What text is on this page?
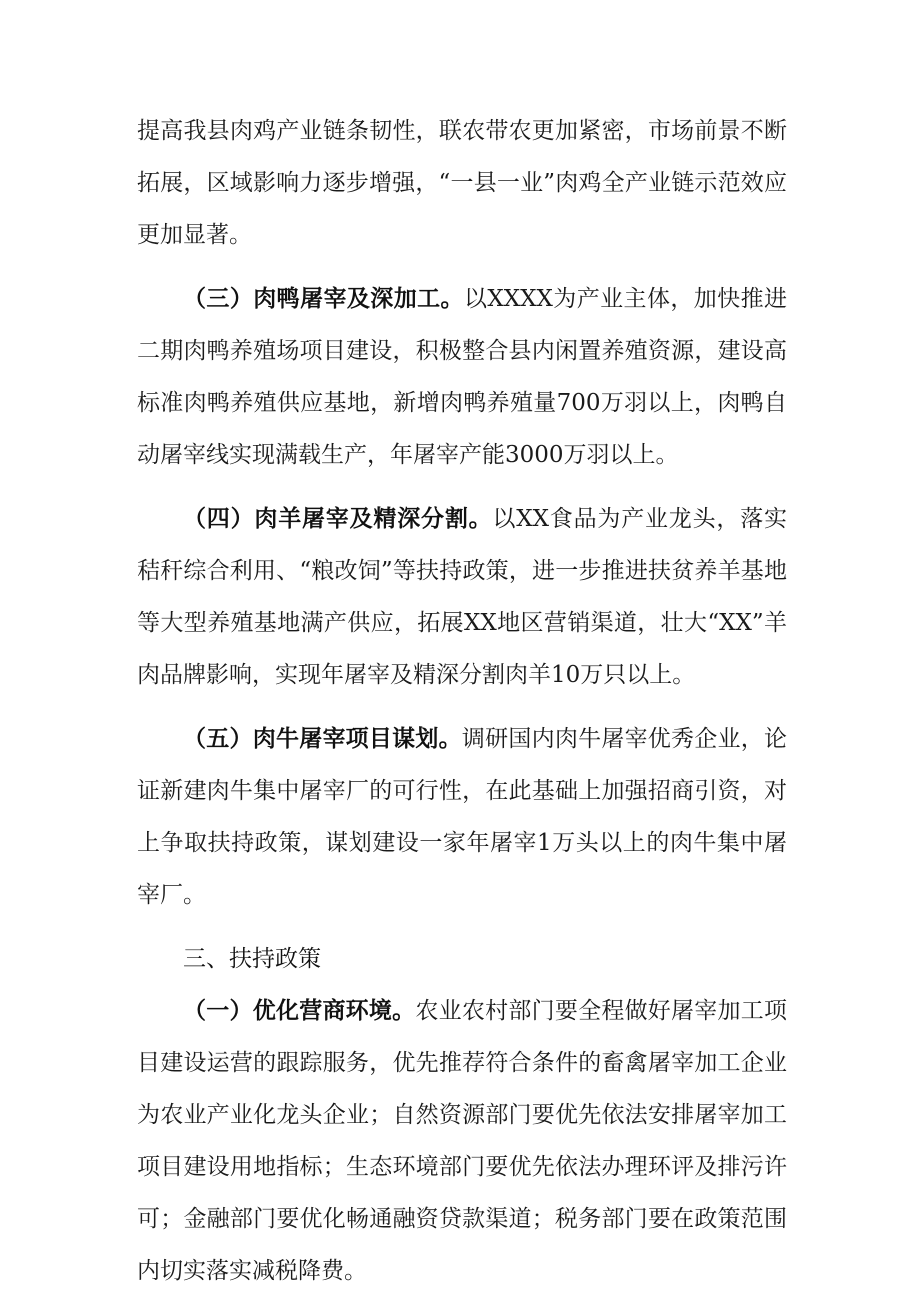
提高我县肉鸡产业链条韧性，联农带农更加紧密，市场前景不断拓展，区域影响力逐步增强，“一县一业”肉鸡全产业链示范效应更加显著。

（三）肉鸭屠宰及深加工。以XXXX为产业主体，加快推进二期肉鸭养殖场项目建设，积极整合县内闲置养殖资源，建设高标准肉鸭养殖供应基地，新增肉鸭养殖量700万羽以上，肉鸭自动屠宰线实现满载生产，年屠宰产能3000万羽以上。

（四）肉羊屠宰及精深分割。以XX食品为产业龙头，落实秸秆综合利用、“粮改饲”等扶持政策，进一步推进扶贫养羊基地等大型养殖基地满产供应，拓展XX地区营销渠道，壮大“XX”羊肉品牌影响，实现年屠宰及精深分割肉羊10万只以上。

（五）肉牛屠宰项目谋划。调研国内肉牛屠宰优秀企业，论证新建肉牛集中屠宰厂的可行性，在此基础上加强招商引资，对上争取扶持政策，谋划建设一家年屠宰1万头以上的肉牛集中屠宰厂。

三、扶持政策

（一）优化营商环境。农业农村部门要全程做好屠宰加工项目建设运营的跟踪服务，优先推荐符合条件的畜禽屠宰加工企业为农业产业化龙头企业；自然资源部门要优先依法安排屠宰加工项目建设用地指标；生态环境部门要优先依法办理环评及排污许可；金融部门要优化畅通融资贷款渠道；税务部门要在政策范围内切实落实减税降费。
